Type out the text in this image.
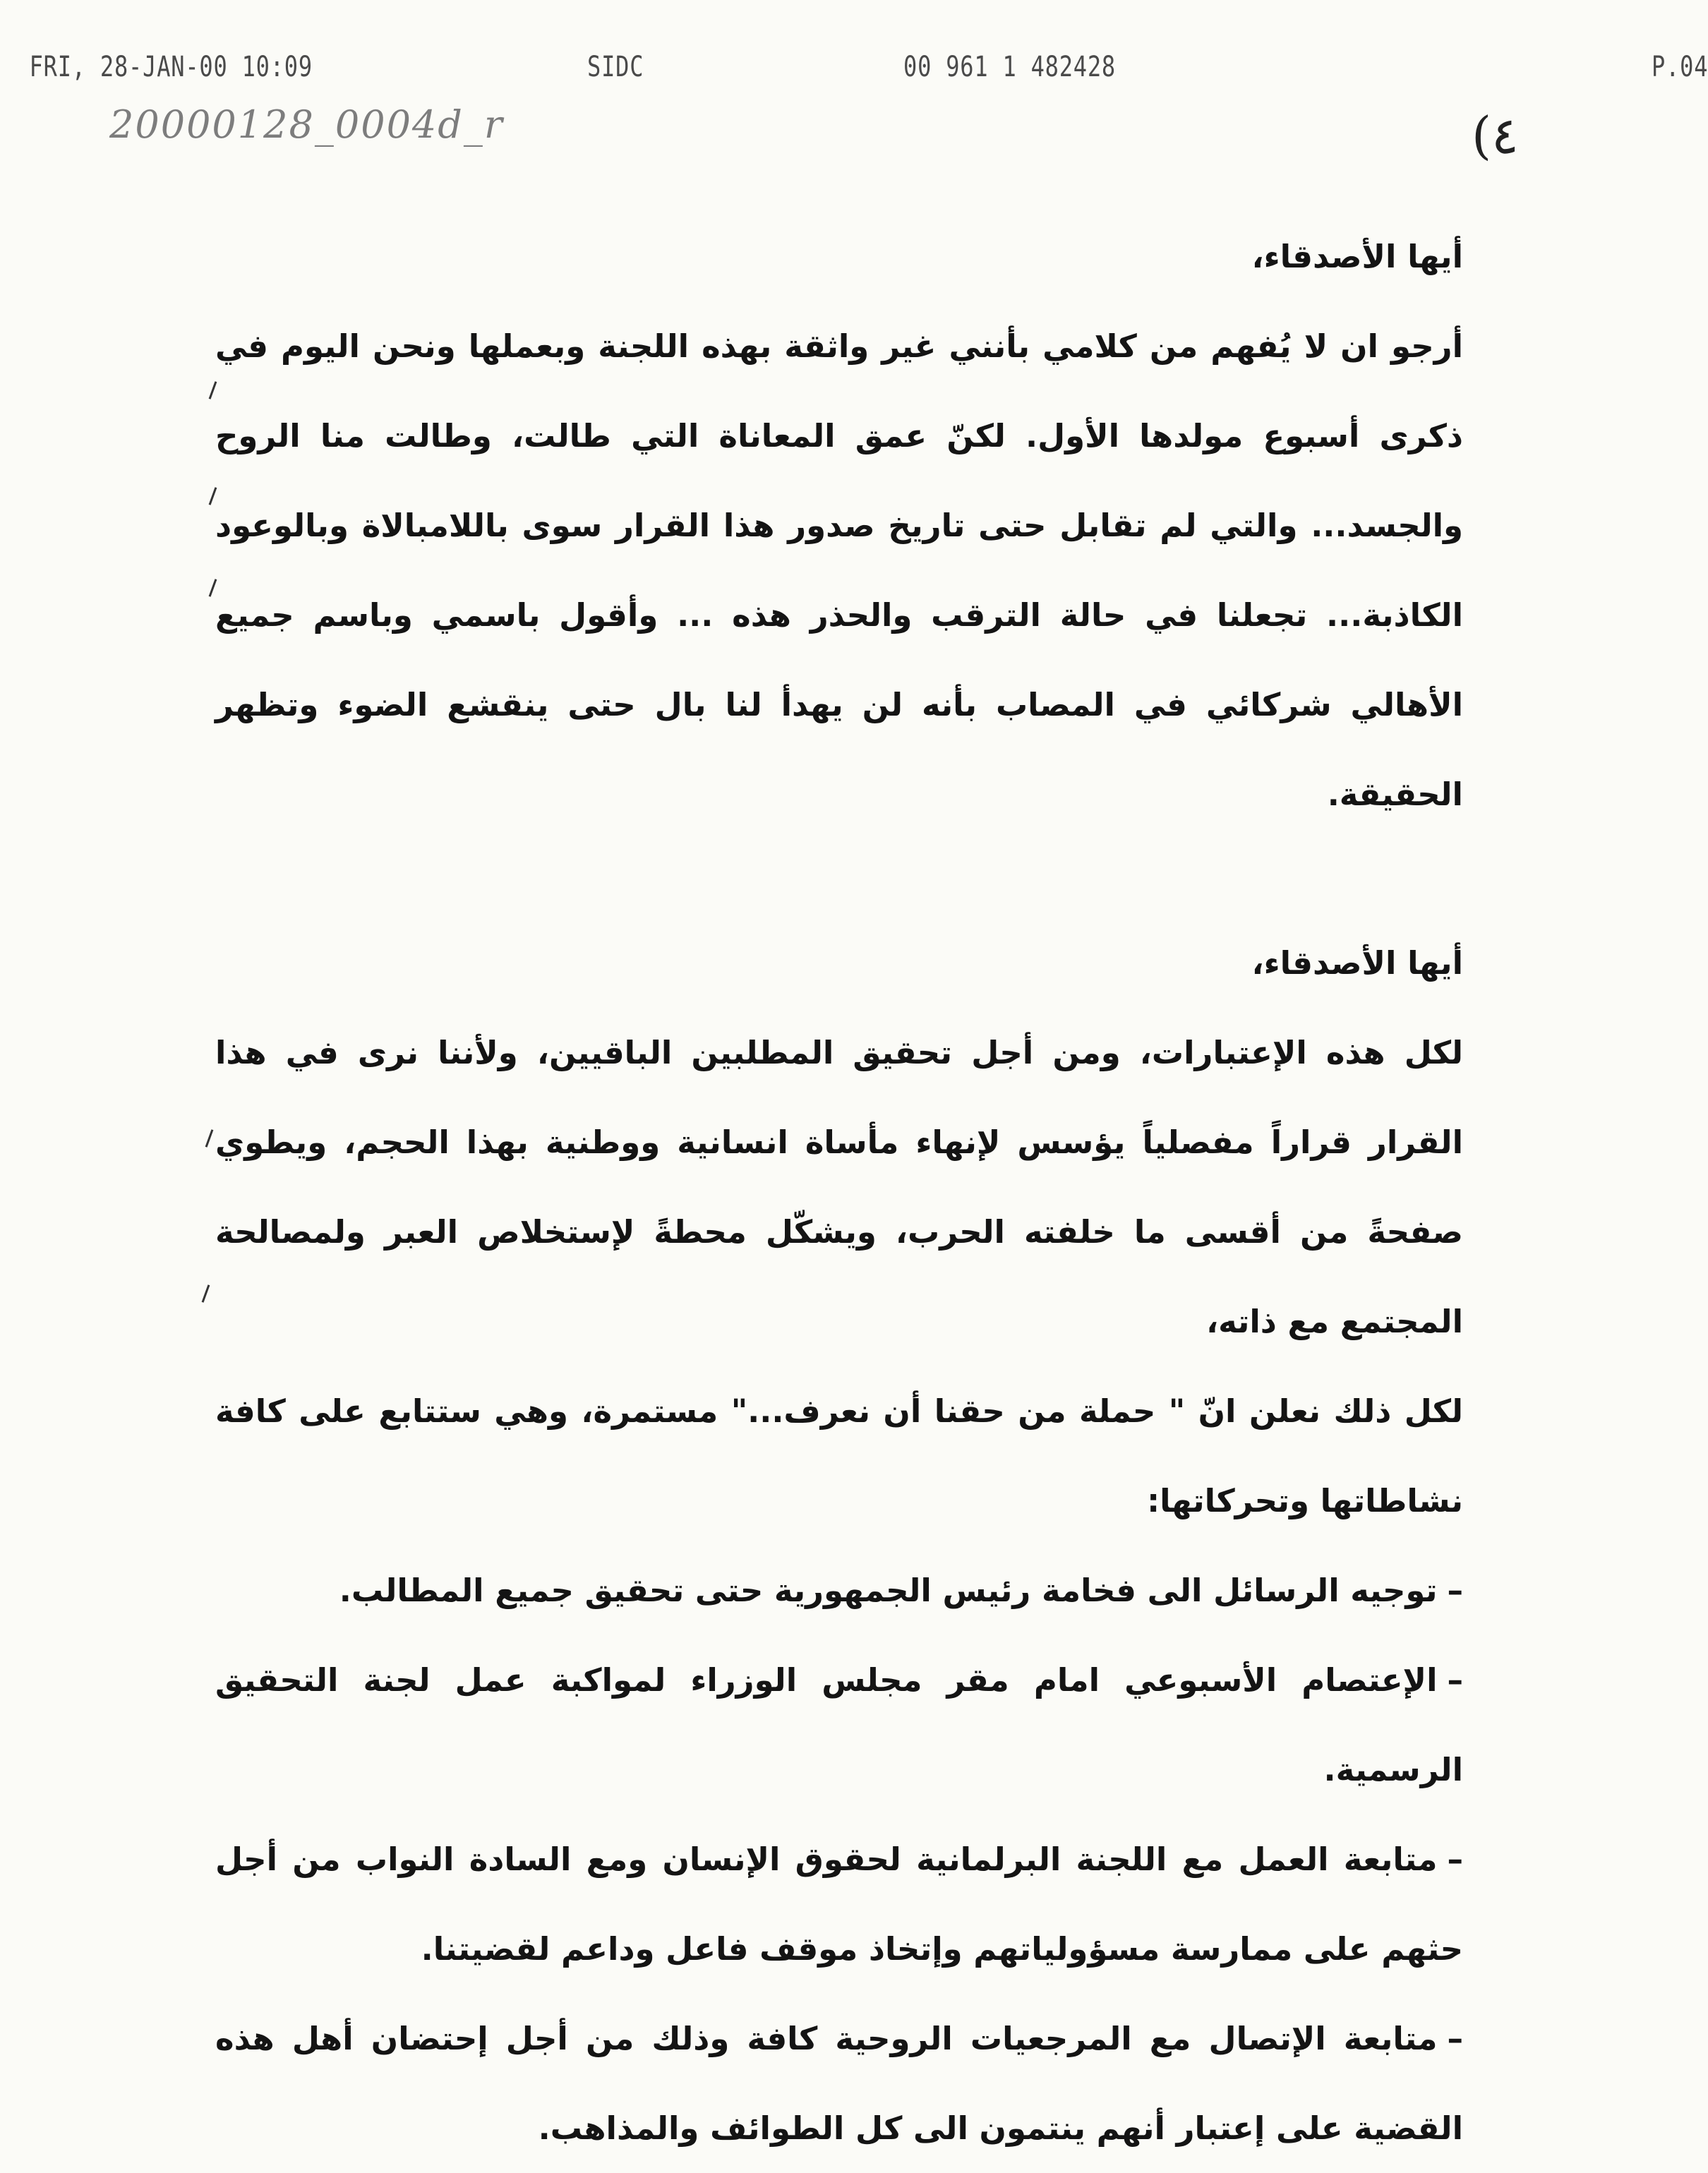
FRI, 28-JAN-00 10:09	SIDC	00 961 1 482428	P.04
20000128_0004d_r	(٤

أيها الأصدقاء،

أرجو ان لا يُفهم من كلامي بأنني غير واثقة بهذه اللجنة وبعملها ونحن اليوم في ذكرى أسبوع مولدها الأول. لكنّ عمق المعاناة التي طالت، وطالت منا الروح والجسد... والتي لم تقابل حتى تاريخ صدور هذا القرار سوى باللامبالاة وبالوعود الكاذبة... تجعلنا في حالة الترقب والحذر هذه ... وأقول باسمي وباسم جميع الأهالي شركائي في المصاب بأنه لن يهدأ لنا بال حتى ينقشع الضوء وتظهر الحقيقة.

أيها الأصدقاء،

لكل هذه الإعتبارات، ومن أجل تحقيق المطلبين الباقيين، ولأننا نرى في هذا القرار قراراً مفصلياً يؤسس لإنهاء مأساة انسانية ووطنية بهذا الحجم، ويطوي صفحةً من أقسى ما خلفته الحرب، ويشكّل محطةً لإستخلاص العبر ولمصالحة المجتمع مع ذاته،

لكل ذلك نعلن انّ " حملة من حقنا أن نعرف..." مستمرة، وهي ستتابع على كافة نشاطاتها وتحركاتها:

–توجيه الرسائل الى فخامة رئيس الجمهورية حتى تحقيق جميع المطالب.
–الإعتصام الأسبوعي امام مقر مجلس الوزراء لمواكبة عمل لجنة التحقيق الرسمية.
–متابعة العمل مع اللجنة البرلمانية لحقوق الإنسان ومع السادة النواب من أجل حثهم على ممارسة مسؤولياتهم وإتخاذ موقف فاعل وداعم لقضيتنا.
–متابعة الإتصال مع المرجعيات الروحية كافة وذلك من أجل إحتضان أهل هذه القضية على إعتبار أنهم ينتمون الى كل الطوائف والمذاهب.
